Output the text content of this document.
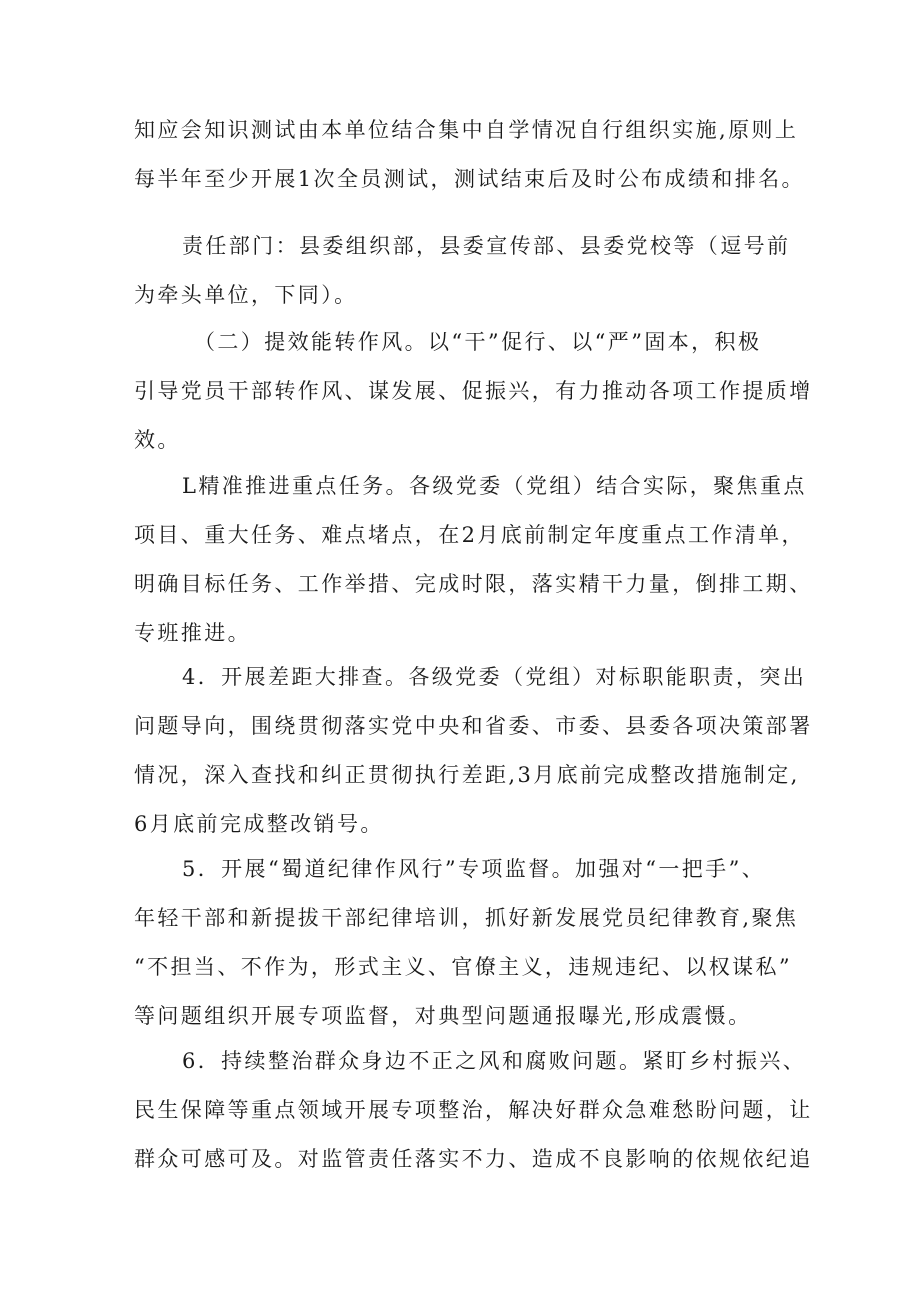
知应会知识测试由本单位结合集中自学情况自行组织实施,原则上
每半年至少开展1次全员测试，测试结束后及时公布成绩和排名。
责任部门：县委组织部，县委宣传部、县委党校等（逗号前
为牵头单位，下同）。
（二）提效能转作风。以“干”促行、以“严”固本，积极
引导党员干部转作风、谋发展、促振兴，有力推动各项工作提质增
效。
L精准推进重点任务。各级党委（党组）结合实际，聚焦重点
项目、重大任务、难点堵点，在2月底前制定年度重点工作清单，
明确目标任务、工作举措、完成时限，落实精干力量，倒排工期、
专班推进。
4．开展差距大排查。各级党委（党组）对标职能职责，突出
问题导向，围绕贯彻落实党中央和省委、市委、县委各项决策部署
情况，深入查找和纠正贯彻执行差距,3月底前完成整改措施制定,
6月底前完成整改销号。
5．开展“蜀道纪律作风行”专项监督。加强对“一把手”、
年轻干部和新提拔干部纪律培训，抓好新发展党员纪律教育,聚焦
“不担当、不作为，形式主义、官僚主义，违规违纪、以权谋私”
等问题组织开展专项监督，对典型问题通报曝光,形成震慑。
6．持续整治群众身边不正之风和腐败问题。紧盯乡村振兴、
民生保障等重点领域开展专项整治，解决好群众急难愁盼问题，让
群众可感可及。对监管责任落实不力、造成不良影响的依规依纪追
